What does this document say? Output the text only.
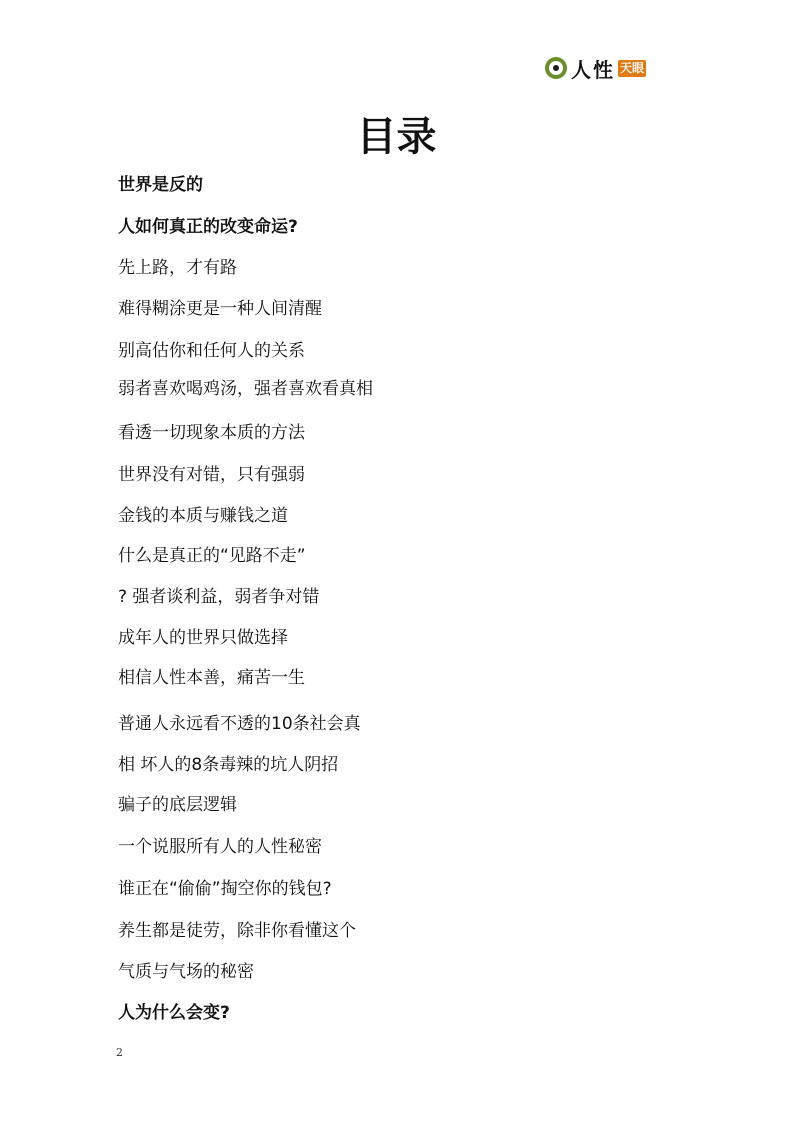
人性 天眼
目录
世界是反的
人如何真正的改变命运?
先上路，才有路
难得糊涂更是一种人间清醒
别高估你和任何人的关系
弱者喜欢喝鸡汤，强者喜欢看真相
看透一切现象本质的方法
世界没有对错，只有强弱
金钱的本质与赚钱之道
什么是真正的“见路不走”
? 强者谈利益，弱者争对错
成年人的世界只做选择
相信人性本善，痛苦一生
普通人永远看不透的10条社会真
相 坏人的8条毒辣的坑人阴招
骗子的底层逻辑
一个说服所有人的人性秘密
谁正在“偷偷”掏空你的钱包?
养生都是徒劳，除非你看懂这个
气质与气场的秘密
人为什么会变?
2
